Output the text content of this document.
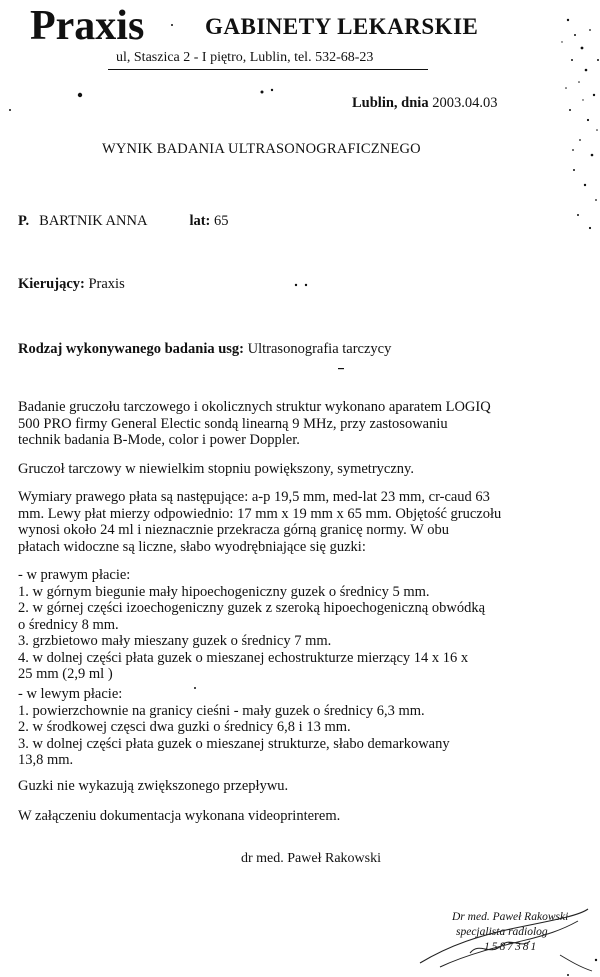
Praxis	GABINETY LEKARSKIE
ul, Staszica 2 - I piętro, Lublin, tel. 532-68-23
Lublin, dnia 2003.04.03
WYNIK BADANIA ULTRASONOGRAFICZNEGO
P. BARTNIK ANNA	lat: 65
Kierujący: Praxis
Rodzaj wykonywanego badania usg: Ultrasonografia tarczycy
Badanie gruczołu tarczowego i okolicznych struktur wykonano aparatem LOGIQ
500 PRO firmy General Electic sondą linearną 9 MHz, przy zastosowaniu
technik badania B-Mode, color i power Doppler.
Gruczoł tarczowy w niewielkim stopniu powiększony, symetryczny.
Wymiary prawego płata są następujące: a-p 19,5 mm, med-lat 23 mm, cr-caud 63
mm. Lewy płat mierzy odpowiednio: 17 mm x 19 mm x 65 mm. Objętość gruczołu
wynosi około 24 ml i nieznacznie przekracza górną granicę normy. W obu
płatach widoczne są liczne, słabo wyodrębniające się guzki:
- w prawym płacie:
1. w górnym biegunie mały hipoechogeniczny guzek o średnicy 5 mm.
2. w górnej części izoechogeniczny guzek z szeroką hipoechogeniczną obwódką
o średnicy 8 mm.
3. grzbietowo mały mieszany guzek o średnicy 7 mm.
4. w dolnej części płata guzek o mieszanej echostrukturze mierzący 14 x 16 x
25 mm (2,9 ml )
- w lewym płacie:
1. powierzchownie na granicy cieśni - mały guzek o średnicy 6,3 mm.
2. w środkowej częsci dwa guzki o średnicy 6,8 i 13 mm.
3. w dolnej części płata guzek o mieszanej strukturze, słabo demarkowany
13,8 mm.
Guzki nie wykazują zwiększonego przepływu.
W załączeniu dokumentacja wykonana videoprinterem.
dr med. Paweł Rakowski
Dr med. Paweł Rakowski
specjalista radiolog
1587381
